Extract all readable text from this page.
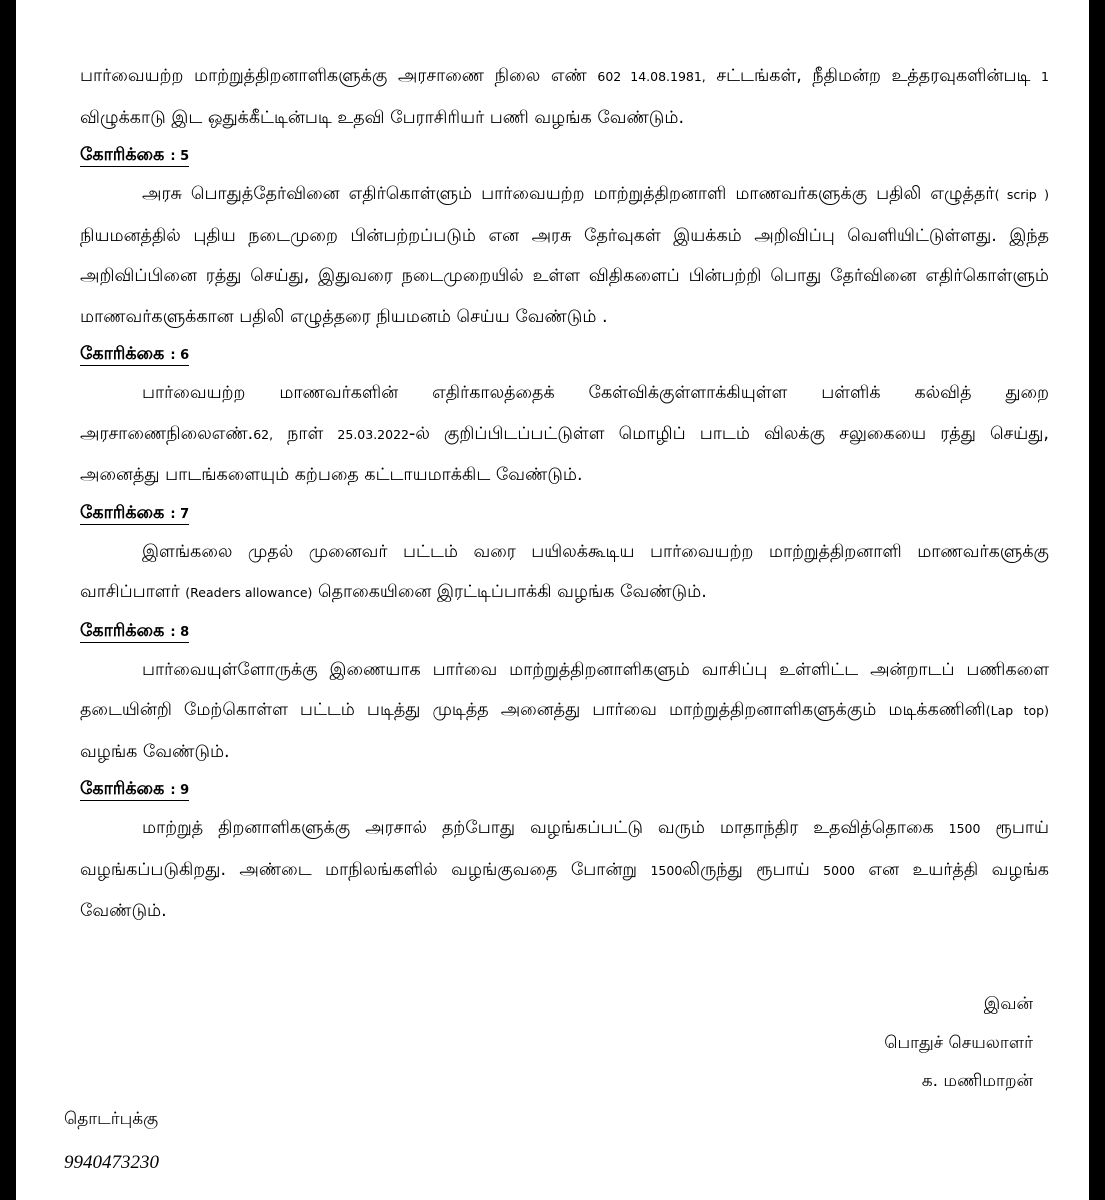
பார்வையற்ற மாற்றுத்திறனாளிகளுக்கு அரசாணை நிலை எண் 602 14.08.1981, சட்டங்கள், நீதிமன்ற உத்தரவுகளின்படி 1 விழுக்காடு இட ஒதுக்கீட்டின்படி உதவி பேராசிரியர் பணி வழங்க வேண்டும்.

கோரிக்கை : 5

அரசு பொதுத்தேர்வினை எதிர்கொள்ளும் பார்வையற்ற மாற்றுத்திறனாளி மாணவர்களுக்கு பதிலி எழுத்தர்( scrip ) நியமனத்தில் புதிய நடைமுறை பின்பற்றப்படும் என அரசு தேர்வுகள் இயக்கம் அறிவிப்பு வெளியிட்டுள்ளது. இந்த அறிவிப்பினை ரத்து செய்து, இதுவரை நடைமுறையில் உள்ள விதிகளைப் பின்பற்றி பொது தேர்வினை எதிர்கொள்ளும் மாணவர்களுக்கான பதிலி எழுத்தரை நியமனம் செய்ய வேண்டும் .

கோரிக்கை : 6

பார்வையற்ற மாணவர்களின் எதிர்காலத்தைக் கேள்விக்குள்ளாக்கியுள்ள பள்ளிக் கல்வித் துறை அரசாணைநிலைஎண்.62, நாள் 25.03.2022-ல் குறிப்பிடப்பட்டுள்ள மொழிப் பாடம் விலக்கு சலுகையை ரத்து செய்து, அனைத்து பாடங்களையும் கற்பதை கட்டாயமாக்கிட வேண்டும்.

கோரிக்கை : 7

இளங்கலை முதல் முனைவர் பட்டம் வரை பயிலக்கூடிய பார்வையற்ற மாற்றுத்திறனாளி மாணவர்களுக்கு வாசிப்பாளர் (Readers allowance) தொகையினை இரட்டிப்பாக்கி வழங்க வேண்டும்.

கோரிக்கை : 8

பார்வையுள்ளோருக்கு இணையாக பார்வை மாற்றுத்திறனாளிகளும் வாசிப்பு உள்ளிட்ட அன்றாடப் பணிகளை தடையின்றி மேற்கொள்ள பட்டம் படித்து முடித்த அனைத்து பார்வை மாற்றுத்திறனாளிகளுக்கும் மடிக்கணினி(Lap top) வழங்க வேண்டும்.

கோரிக்கை : 9

மாற்றுத் திறனாளிகளுக்கு அரசால் தற்போது வழங்கப்பட்டு வரும் மாதாந்திர உதவித்தொகை 1500 ரூபாய் வழங்கப்படுகிறது. அண்டை மாநிலங்களில் வழங்குவதை போன்று 1500லிருந்து ரூபாய் 5000 என உயர்த்தி வழங்க வேண்டும்.

இவன்
பொதுச் செயலாளர்
க. மணிமாறன்
தொடர்புக்கு
9940473230
